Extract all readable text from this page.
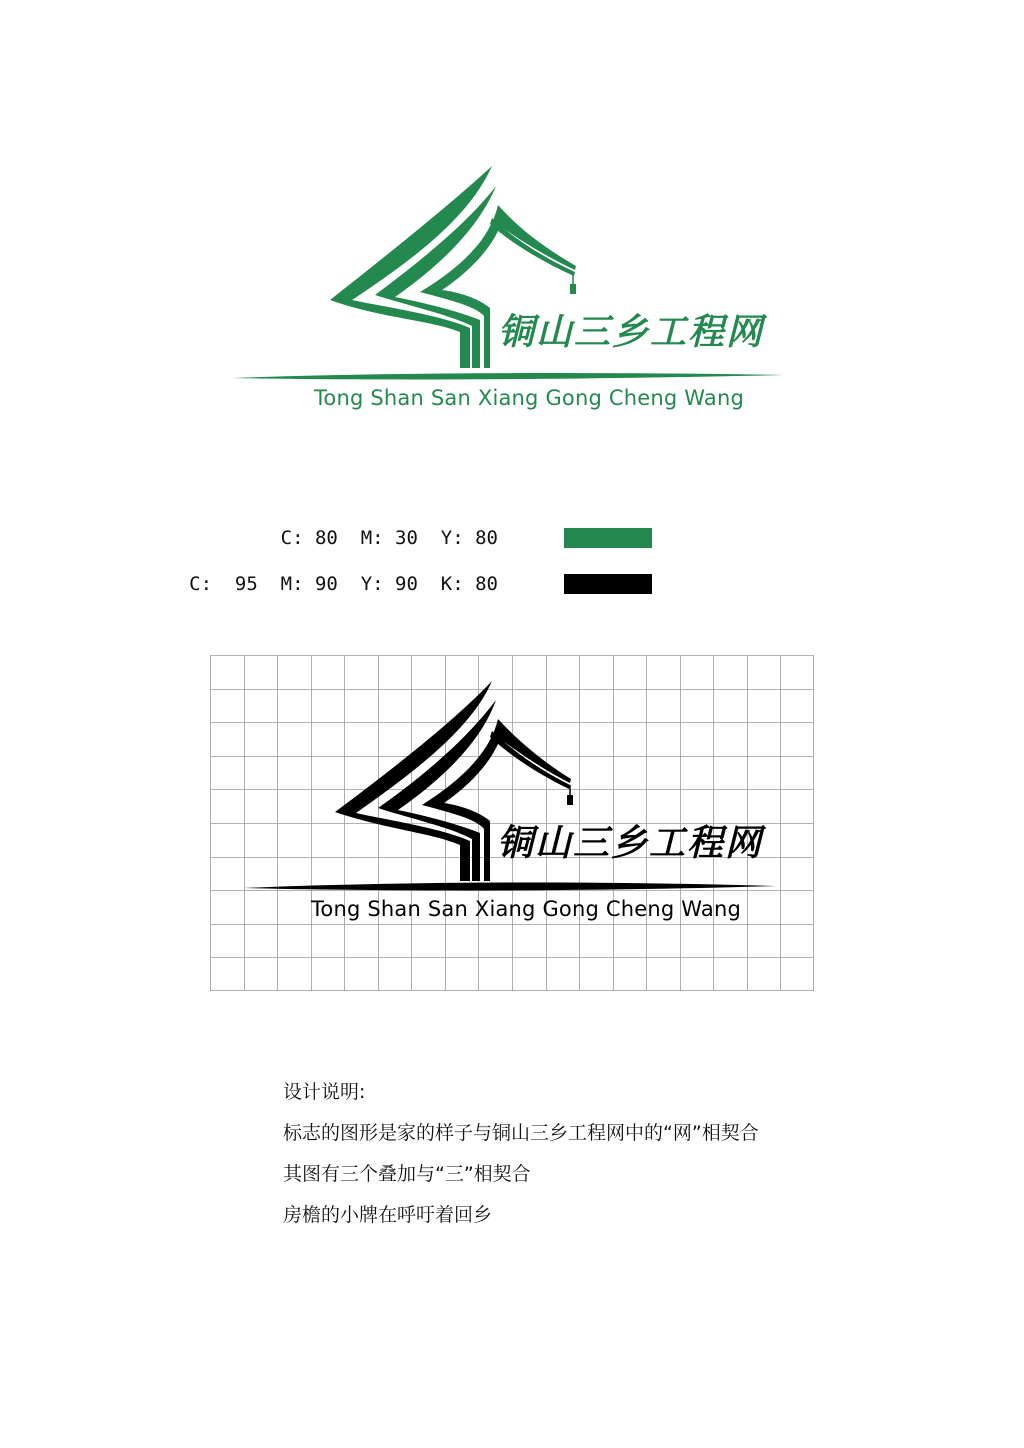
铜山三乡工程网
Tong Shan San Xiang Gong Cheng Wang
C: 80  M: 30  Y: 80
C:  95  M: 90  Y: 90  K: 80
铜山三乡工程网
Tong Shan San Xiang Gong Cheng Wang
设计说明:
标志的图形是家的样子与铜山三乡工程网中的“网”相契合
其图有三个叠加与“三”相契合
房檐的小牌在呼吁着回乡
